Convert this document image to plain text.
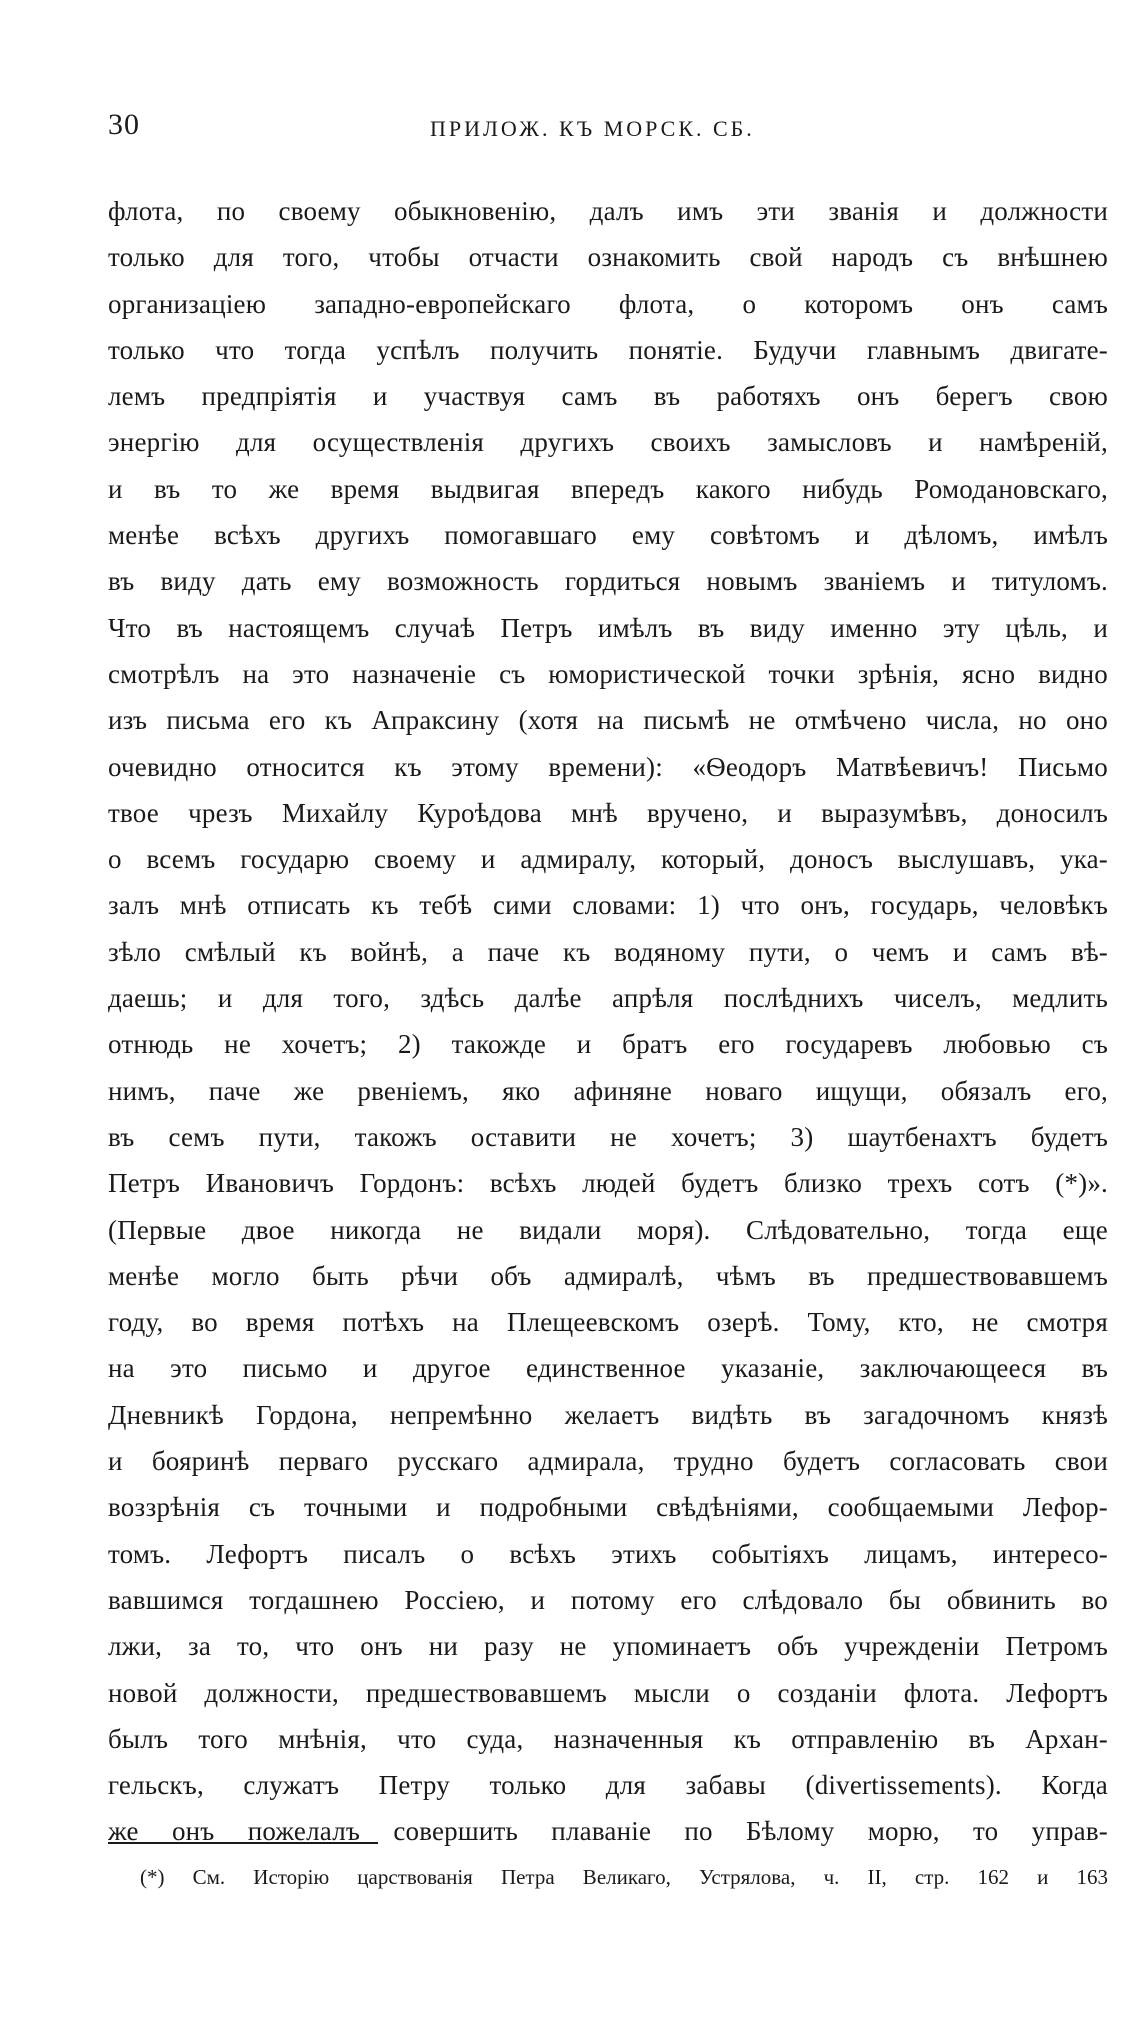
30	ПРИЛОЖ. КЪ МОРСК. СБ.
флота, по своему обыкновенію, далъ имъ эти званія и должности
только для того, чтобы отчасти ознакомить свой народъ съ внѣшнею
организаціею западно-европейскаго флота, о которомъ онъ самъ
только что тогда успѣлъ получить понятіе. Будучи главнымъ двигате-
лемъ предпріятія и участвуя самъ въ работяхъ онъ берегъ свою
энергію для осуществленія другихъ своихъ замысловъ и намѣреній,
и въ то же время выдвигая впередъ какого нибудь Ромодановскаго,
менѣе всѣхъ другихъ помогавшаго ему совѣтомъ и дѣломъ, имѣлъ
въ виду дать ему возможность гордиться новымъ званіемъ и титуломъ.
Что въ настоящемъ случаѣ Петръ имѣлъ въ виду именно эту цѣль, и
смотрѣлъ на это назначеніе съ юмористической точки зрѣнія, ясно видно
изъ письма его къ Апраксину (хотя на письмѣ не отмѣчено числа, но оно
очевидно относится къ этому времени): «Ѳеодоръ Матвѣевичъ! Письмо
твое чрезъ Михайлу Куроѣдова мнѣ вручено, и выразумѣвъ, доносилъ
о всемъ государю своему и адмиралу, который, доносъ выслушавъ, ука-
залъ мнѣ отписать къ тебѣ сими словами: 1) что онъ, государь, человѣкъ
зѣло смѣлый къ войнѣ, а паче къ водяному пути, о чемъ и самъ вѣ-
даешь; и для того, здѣсь далѣе апрѣля послѣднихъ чиселъ, медлить
отнюдь не хочетъ; 2) такожде и братъ его государевъ любовью съ
нимъ, паче же рвеніемъ, яко афиняне новаго ищущи, обязалъ его,
въ семъ пути, такожъ оставити не хочетъ; 3) шаутбенахтъ будетъ
Петръ Ивановичъ Гордонъ: всѣхъ людей будетъ близко трехъ сотъ (*)».
(Первые двое никогда не видали моря). Слѣдовательно, тогда еще
менѣе могло быть рѣчи объ адмиралѣ, чѣмъ въ предшествовавшемъ
году, во время потѣхъ на Плещеевскомъ озерѣ. Тому, кто, не смотря
на это письмо и другое единственное указаніе, заключающееся въ
Дневникѣ Гордона, непремѣнно желаетъ видѣть въ загадочномъ князѣ
и бояринѣ перваго русскаго адмирала, трудно будетъ согласовать свои
воззрѣнія съ точными и подробными свѣдѣніями, сообщаемыми Лефор-
томъ. Лефортъ писалъ о всѣхъ этихъ событіяхъ лицамъ, интересо-
вавшимся тогдашнею Россіею, и потому его слѣдовало бы обвинить во
лжи, за то, что онъ ни разу не упоминаетъ объ учрежденіи Петромъ
новой должности, предшествовавшемъ мысли о созданіи флота. Лефортъ
былъ того мнѣнія, что суда, назначенныя къ отправленію въ Архан-
гельскъ, служатъ Петру только для забавы (divertissements). Когда
же онъ пожелалъ совершить плаваніе по Бѣлому морю, то управ-
(*) См. Исторію царствованія Петра Великаго, Устрялова, ч. II, стр. 162 и 163
